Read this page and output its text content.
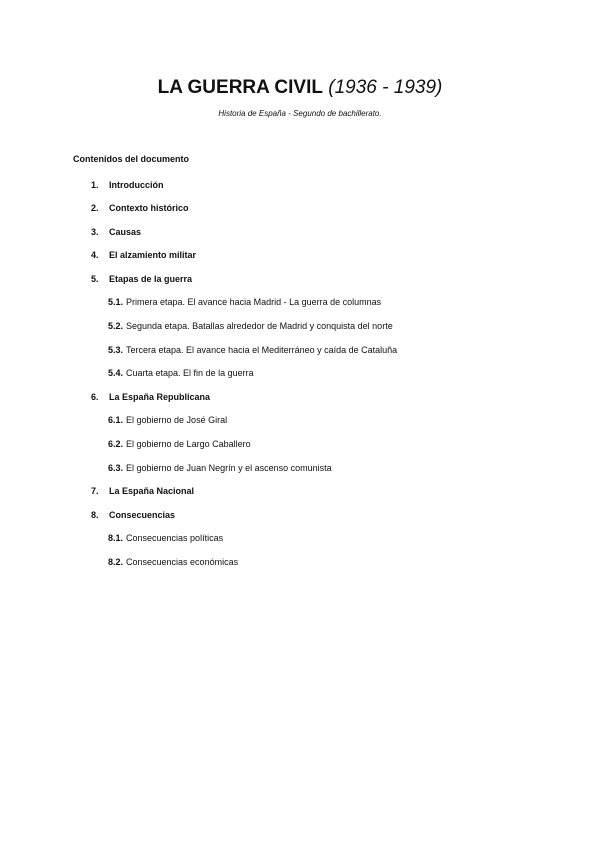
LA GUERRA CIVIL (1936 - 1939)
Historia de España - Segundo de bachillerato.
Contenidos del documento
1. Introducción
2. Contexto histórico
3. Causas
4. El alzamiento militar
5. Etapas de la guerra
5.1. Primera etapa. El avance hacia Madrid - La guerra de columnas
5.2. Segunda etapa. Batallas alrededor de Madrid y conquista del norte
5.3. Tercera etapa. El avance hacia el Mediterráneo y caída de Cataluña
5.4. Cuarta etapa. El fin de la guerra
6. La España Republicana
6.1. El gobierno de José Giral
6.2. El gobierno de Largo Caballero
6.3. El gobierno de Juan Negrín y el ascenso comunista
7. La España Nacional
8. Consecuencias
8.1. Consecuencias políticas
8.2. Consecuencias económicas
